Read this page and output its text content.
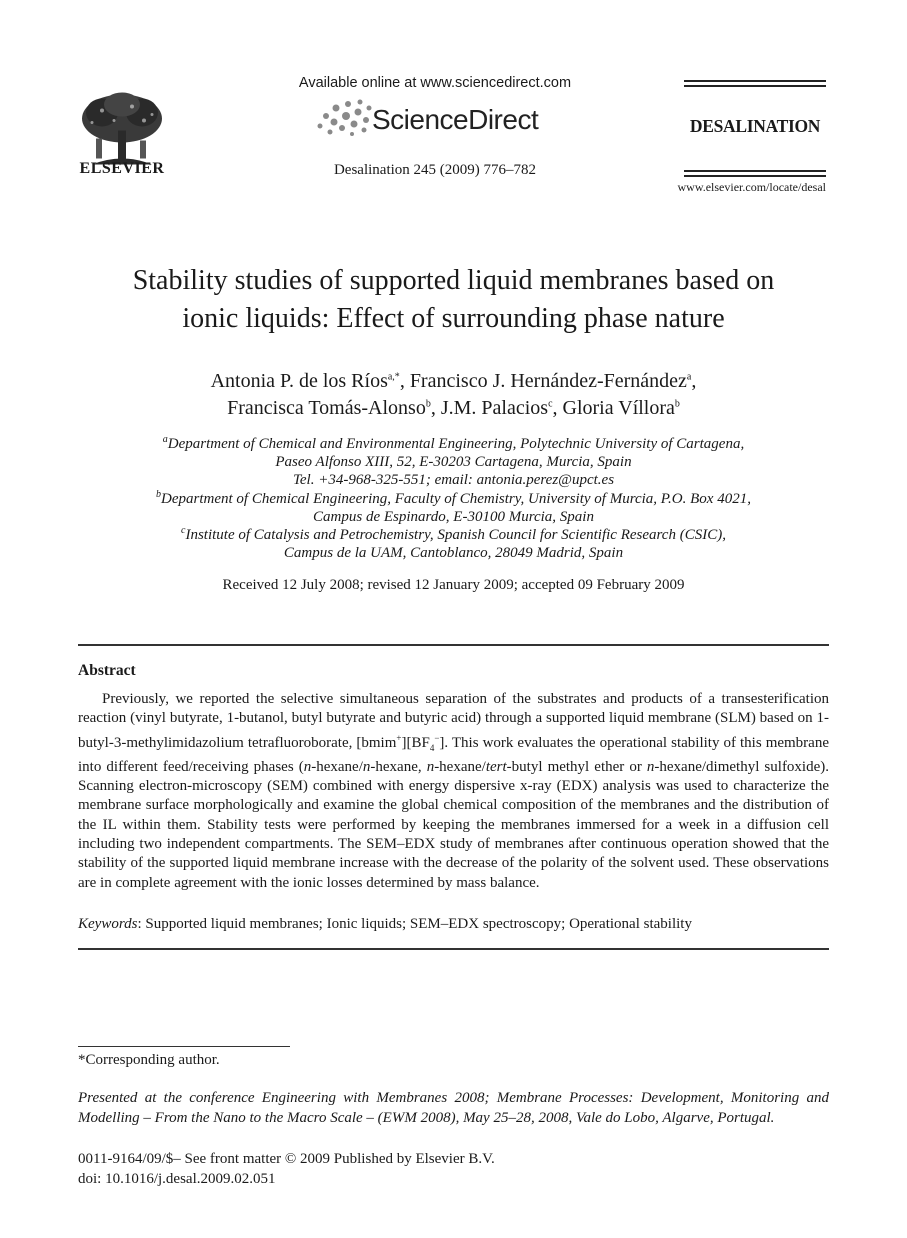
ELSEVIER
Available online at www.sciencedirect.com
ScienceDirect
Desalination 245 (2009) 776–782
DESALINATION
www.elsevier.com/locate/desal
Stability studies of supported liquid membranes based on
ionic liquids: Effect of surrounding phase nature
Antonia P. de los Ríos$^{a,*}$, Francisco J. Hernández-Fernández$^a$,
Francisca Tomás-Alonso$^b$, J.M. Palacios$^c$, Gloria Víllora$^b$
$^a$Department of Chemical and Environmental Engineering, Polytechnic University of Cartagena,
Paseo Alfonso XIII, 52, E-30203 Cartagena, Murcia, Spain
Tel. +34-968-325-551; email: antonia.perez@upct.es
$^b$Department of Chemical Engineering, Faculty of Chemistry, University of Murcia, P.O. Box 4021,
Campus de Espinardo, E-30100 Murcia, Spain
$^c$Institute of Catalysis and Petrochemistry, Spanish Council for Scientific Research (CSIC),
Campus de la UAM, Cantoblanco, 28049 Madrid, Spain
Received 12 July 2008; revised 12 January 2009; accepted 09 February 2009
Abstract
Previously, we reported the selective simultaneous separation of the substrates and products of a transesterification reaction (vinyl butyrate, 1-butanol, butyl butyrate and butyric acid) through a supported liquid membrane (SLM) based on 1-butyl-3-methylimidazolium tetrafluoroborate, $[bmim^+][BF_4^-]$. This work evaluates the operational stability of this membrane into different feed/receiving phases (n-hexane/n-hexane, n-hexane/tert-butyl methyl ether or n-hexane/dimethyl sulfoxide). Scanning electron-microscopy (SEM) combined with energy dispersive x-ray (EDX) analysis was used to characterize the membrane surface morphologically and examine the global chemical composition of the membranes and the distribution of the IL within them. Stability tests were performed by keeping the membranes immersed for a week in a diffusion cell including two independent compartments. The SEM–EDX study of membranes after continuous operation showed that the stability of the supported liquid membrane increase with the decrease of the polarity of the solvent used. These observations are in complete agreement with the ionic losses determined by mass balance.
Keywords: Supported liquid membranes; Ionic liquids; SEM–EDX spectroscopy; Operational stability
*Corresponding author.
Presented at the conference Engineering with Membranes 2008; Membrane Processes: Development, Monitoring and Modelling – From the Nano to the Macro Scale – (EWM 2008), May 25–28, 2008, Vale do Lobo, Algarve, Portugal.
0011-9164/09/$– See front matter © 2009 Published by Elsevier B.V.
doi: 10.1016/j.desal.2009.02.051
